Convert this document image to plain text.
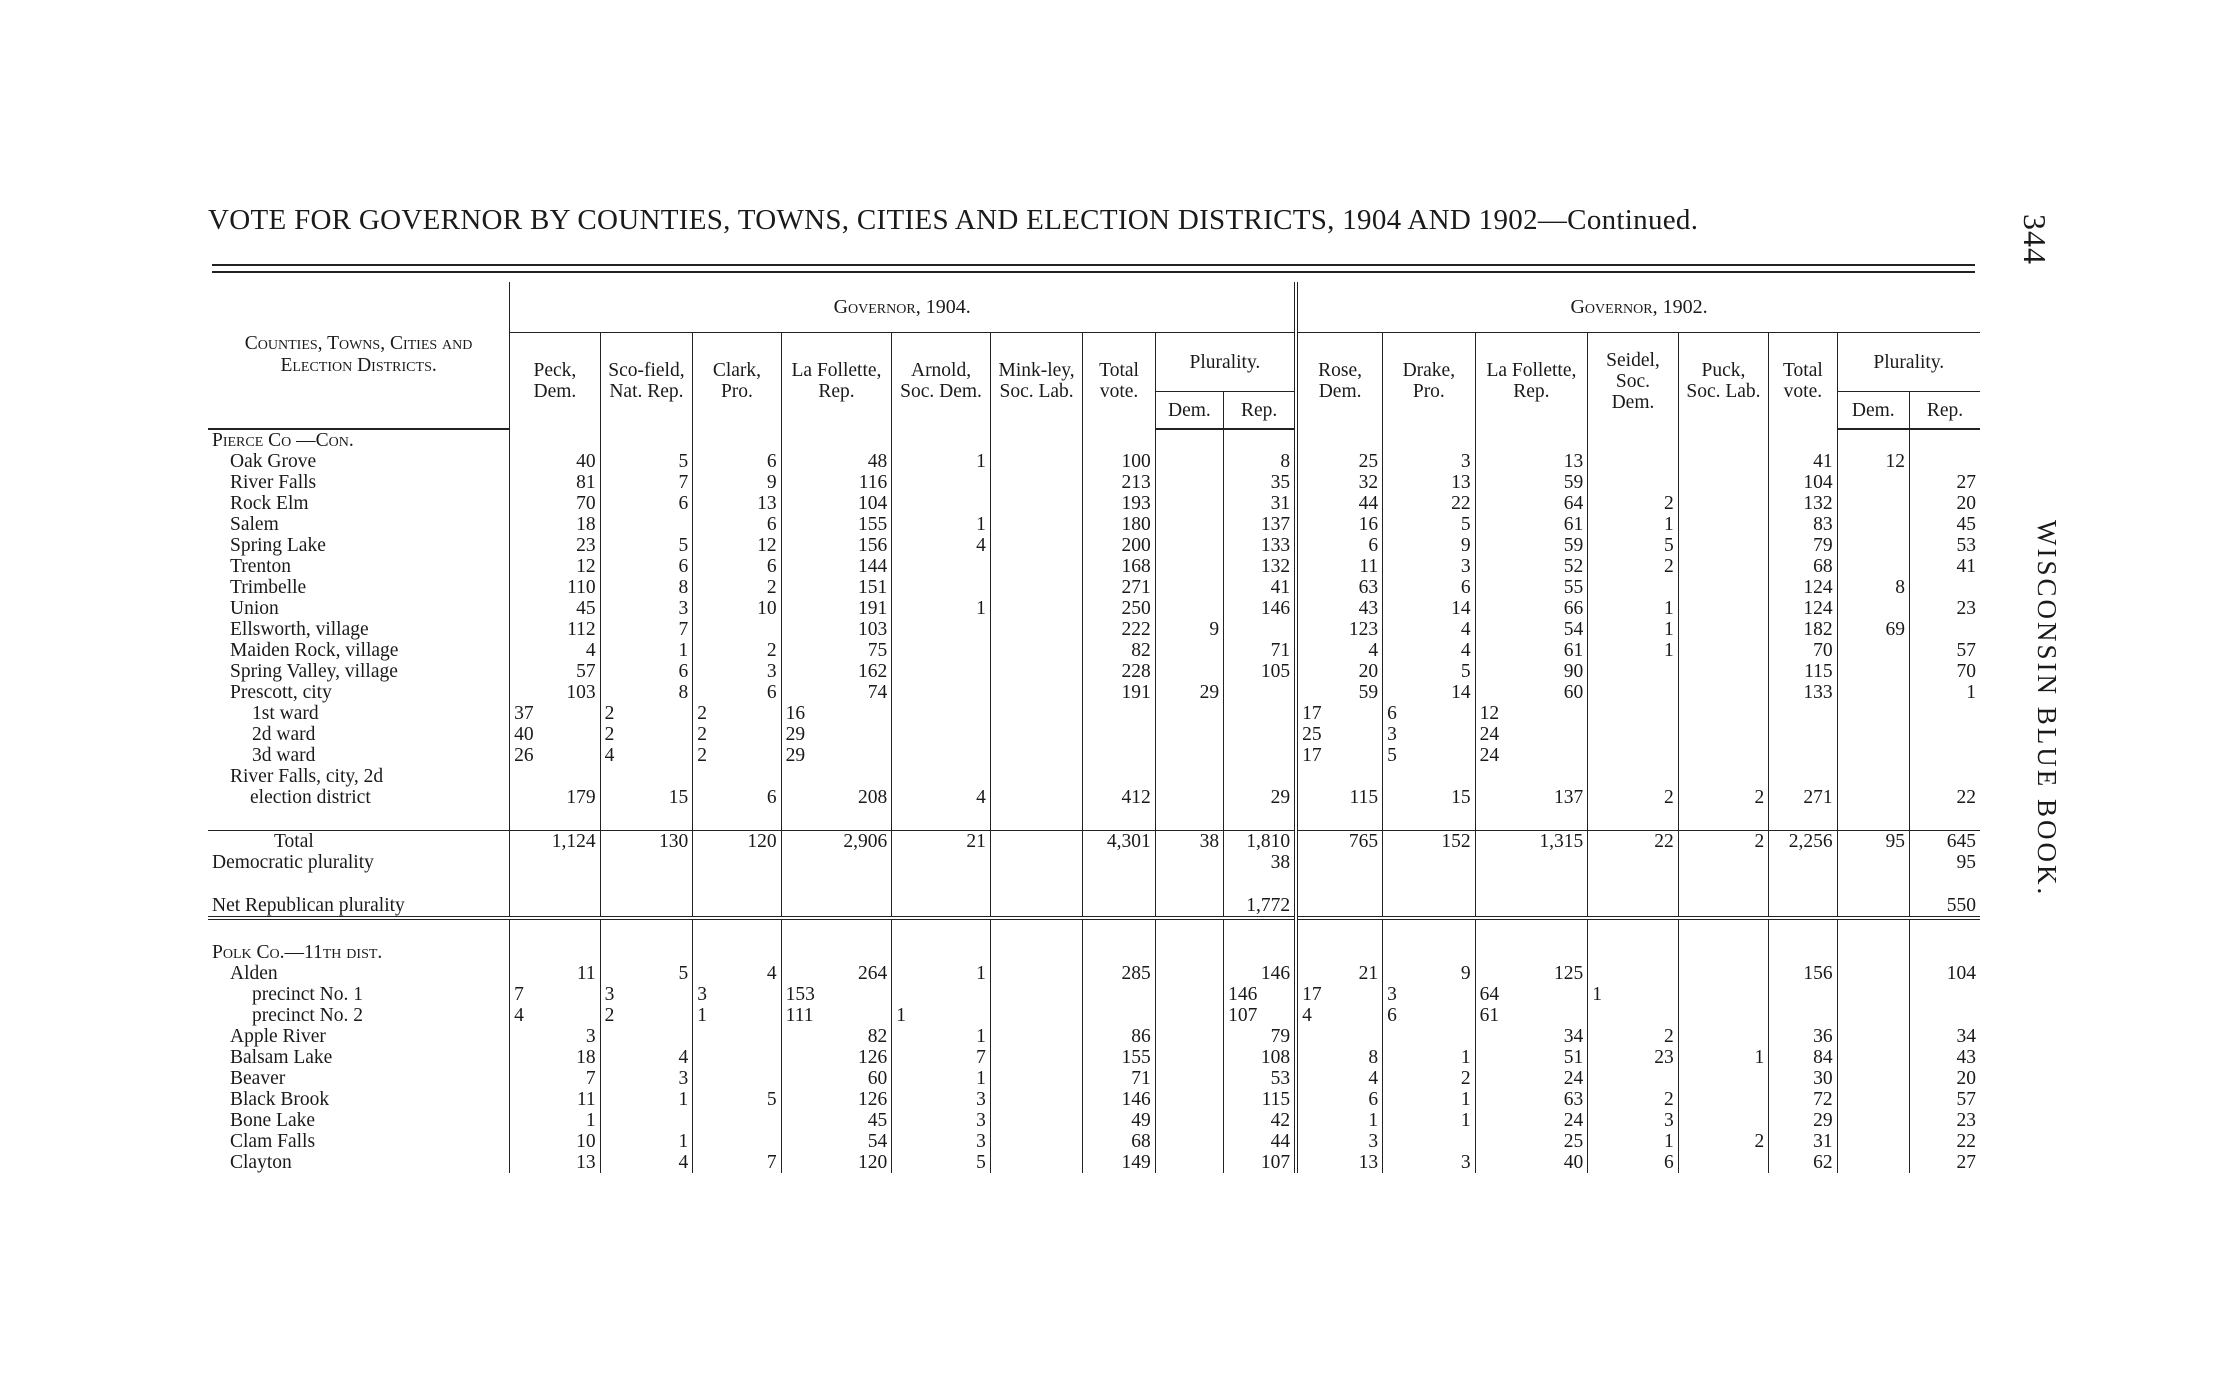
VOTE FOR GOVERNOR BY COUNTIES, TOWNS, CITIES AND ELECTION DISTRICTS, 1904 AND 1902—Continued.	344
WISCONSIN BLUE BOOK.
Counties, Towns, Cities and Election Districts.	Governor, 1904.									Governor, 1902.							
	Peck, Dem.	Sco-field, Nat. Rep.	Clark, Pro.	La Follette, Rep.	Arnold, Soc. Dem.	Mink-ley, Soc. Lab.	Total vote.	Plurality.		Rose, Dem.	Drake, Pro.	La Follette, Rep.	Seidel, Soc. Dem.	Puck, Soc. Lab.	Total vote.	Plurality.	
								Dem.	Rep.							Dem.	Rep.
Pierce Co —Con.																	
Oak Grove	40	5	6	48	1		100		8	25	3	13			41	12	
River Falls	81	7	9	116			213		35	32	13	59			104		27
Rock Elm	70	6	13	104			193		31	44	22	64	2		132		20
Salem	18		6	155	1		180		137	16	5	61	1		83		45
Spring Lake	23	5	12	156	4		200		133	6	9	59	5		79		53
Trenton	12	6	6	144			168		132	11	3	52	2		68		41
Trimbelle	110	8	2	151			271		41	63	6	55			124	8	
Union	45	3	10	191	1		250		146	43	14	66	1		124		23
Ellsworth, village	112	7		103			222	9		123	4	54	1		182	69	
Maiden Rock, village	4	1	2	75			82		71	4	4	61	1		70		57
Spring Valley, village	57	6	3	162			228		105	20	5	90			115		70
Prescott, city	103	8	6	74			191	29		59	14	60			133		1
1st ward	37	2	2	16						17	6	12					
2d ward	40	2	2	29						25	3	24					
3d ward	26	4	2	29						17	5	24					

River Falls, city, 2d
election district	179	15	6	208	4		412		29	115	15	137	2	2	271		22

Total	1,124	130	120	2,906	21		4,301	38	1,810	765	152	1,315	22	2	2,256	95	645
Democratic plurality									38								95

Net Republican plurality									1,772								550

Polk Co.—11th dist.																	
Alden	11	5	4	264	1		285		146	21	9	125			156		104
precinct No. 1	7	3	3	153					146	17	3	64	1				
precinct No. 2	4	2	1	111	1				107	4	6	61					
Apple River	3			82	1		86		79			34	2		36		34
Balsam Lake	18	4		126	7		155		108	8	1	51	23	1	84		43
Beaver	7	3		60	1		71		53	4	2	24			30		20
Black Brook	11	1	5	126	3		146		115	6	1	63	2		72		57
Bone Lake	1			45	3		49		42	1	1	24	3		29		23
Clam Falls	10	1		54	3		68		44	3		25	1	2	31		22
Clayton	13	4	7	120	5		149		107	13	3	40	6		62		27
